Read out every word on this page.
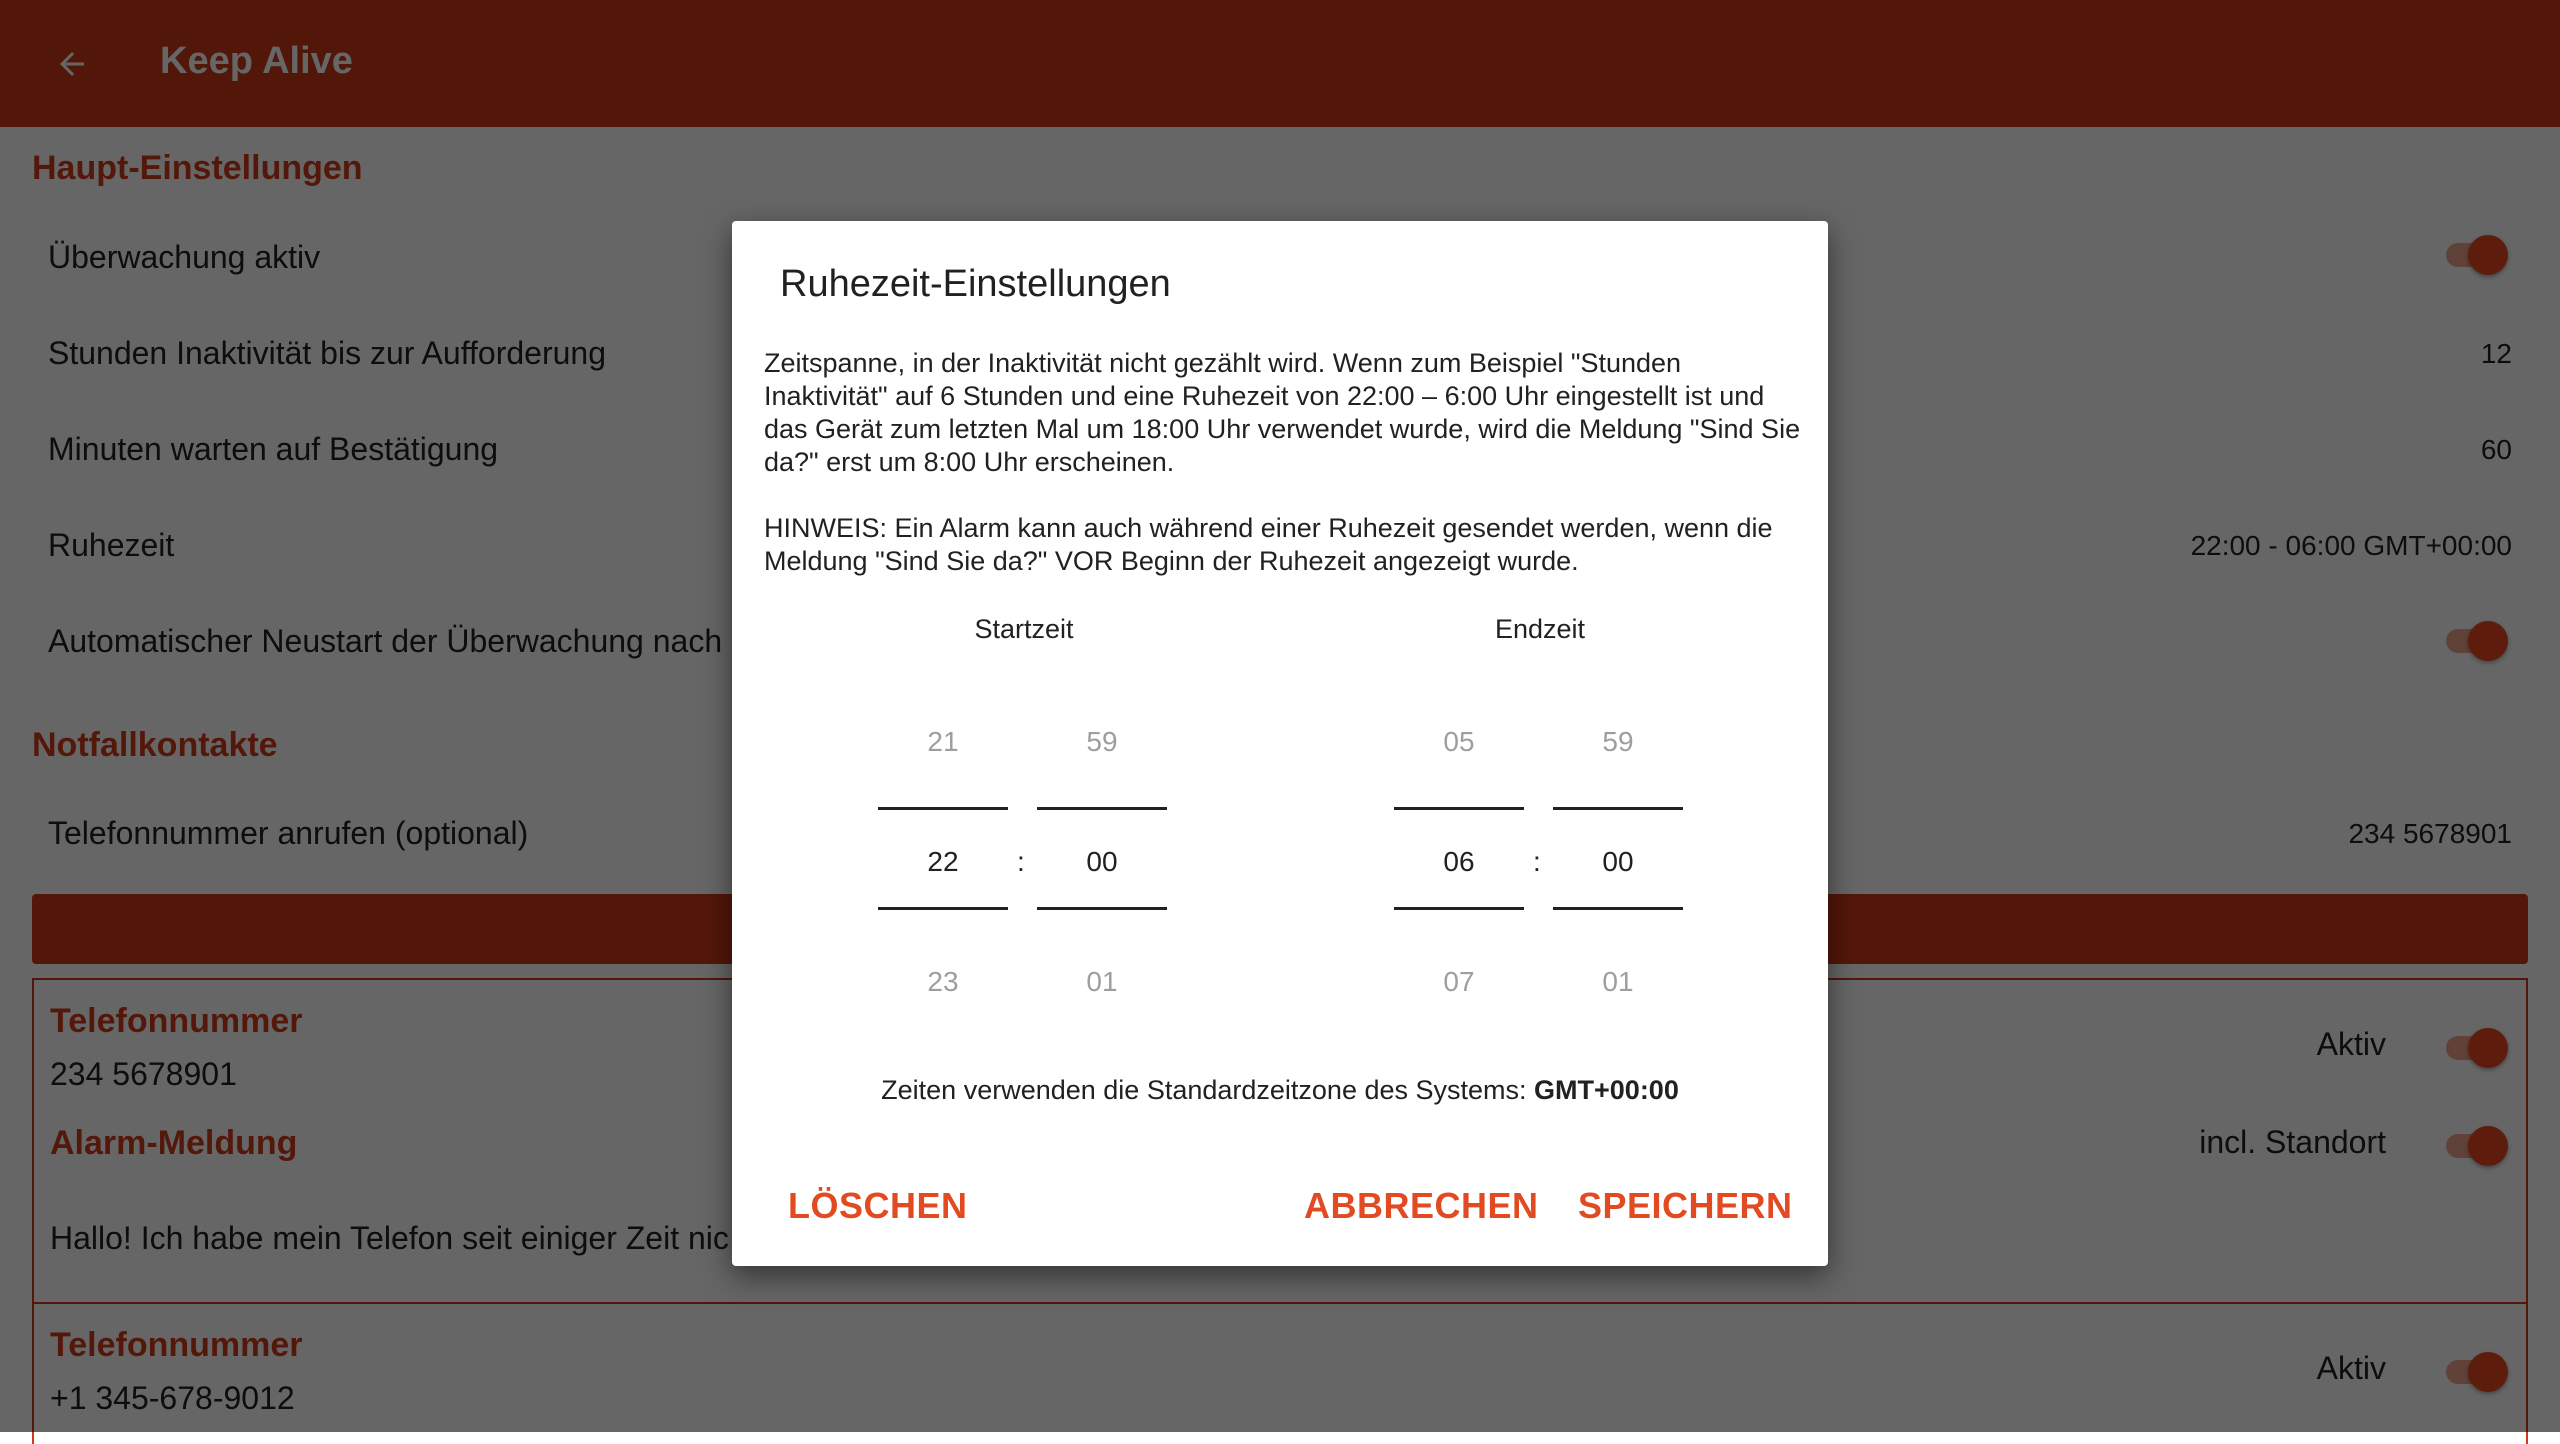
Ruhezeit-Einstellungen

Zeitspanne, in der Inaktivität nicht gezählt wird. Wenn zum Beispiel "Stunden Inaktivität" auf 6 Stunden und eine Ruhezeit von 22:00 – 6:00 Uhr eingestellt ist und das Gerät zum letzten Mal um 18:00 Uhr verwendet wurde, wird die Meldung "Sind Sie da?" erst um 8:00 Uhr erscheinen.

HINWEIS: Ein Alarm kann auch während einer Ruhezeit gesendet werden, wenn die Meldung "Sind Sie da?" VOR Beginn der Ruhezeit angezeigt wurde.

Startzeit	Endzeit
21
22
23
:
59
00
01
05
06
07
:
59
00
01
Zeiten verwenden die Standardzeitzone des Systems: GMT+00:00
LÖSCHEN	ABBRECHEN SPEICHERN
